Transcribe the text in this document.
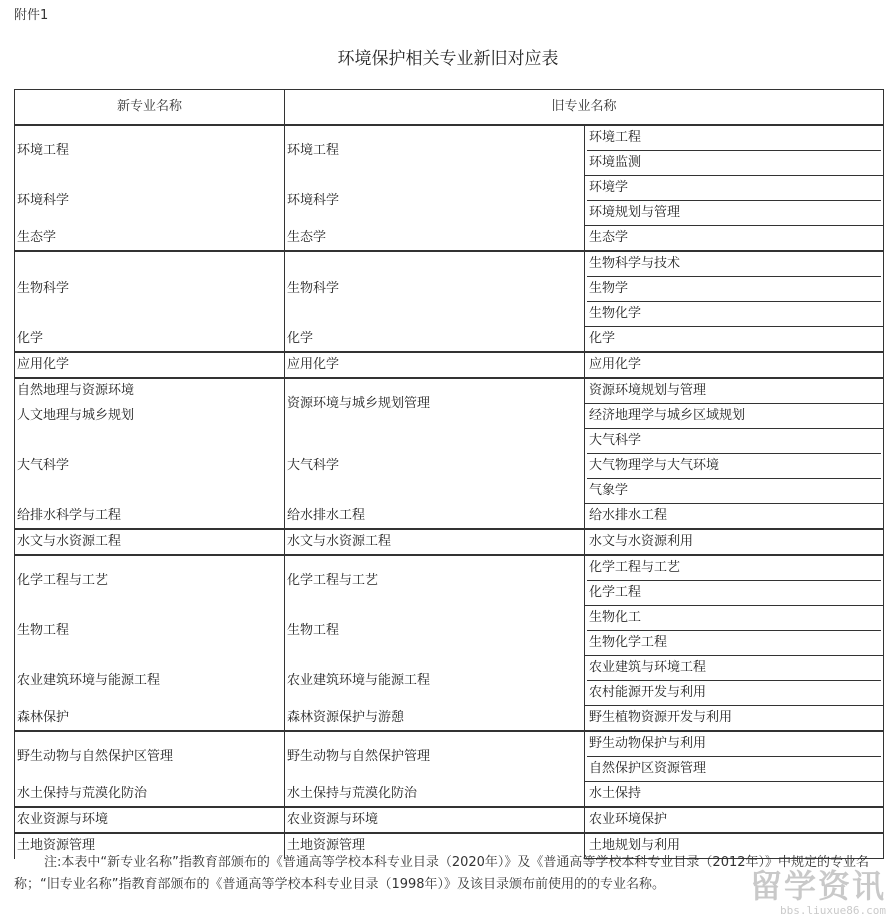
附件1
环境保护相关专业新旧对应表
新专业名称	旧专业名称	
环境工程	环境工程	环境工程
环境监测

环境科学	环境科学	环境学
环境规划与管理

生态学	生态学	生态学

生物科学	生物科学	生物科学与技术
生物学
生物化学

化学	化学	化学

应用化学	应用化学	应用化学

自然地理与资源环境	资源环境与城乡规划管理	资源环境规划与管理

人文地理与城乡规划		经济地理学与城乡区域规划

大气科学	大气科学	大气科学
大气物理学与大气环境
气象学

给排水科学与工程	给水排水工程	给水排水工程

水文与水资源工程	水文与水资源工程	水文与水资源利用

化学工程与工艺	化学工程与工艺	化学工程与工艺
化学工程

生物工程	生物工程	生物化工
生物化学工程

农业建筑环境与能源工程	农业建筑环境与能源工程	农业建筑与环境工程
农村能源开发与利用

森林保护	森林资源保护与游憩	野生植物资源开发与利用

野生动物与自然保护区管理	野生动物与自然保护管理	野生动物保护与利用
自然保护区资源管理

水土保持与荒漠化防治	水土保持与荒漠化防治	水土保持

农业资源与环境	农业资源与环境	农业环境保护

土地资源管理	土地资源管理	土地规划与利用
注:本表中“新专业名称”指教育部颁布的《普通高等学校本科专业目录（2020年）》及《普通高等学校本科专业目录（2012年）》中规定的专业名称；“旧专业名称”指教育部颁布的《普通高等学校本科专业目录（1998年）》及该目录颁布前使用的的专业名称。	留学资讯
bbs.liuxue86.com
